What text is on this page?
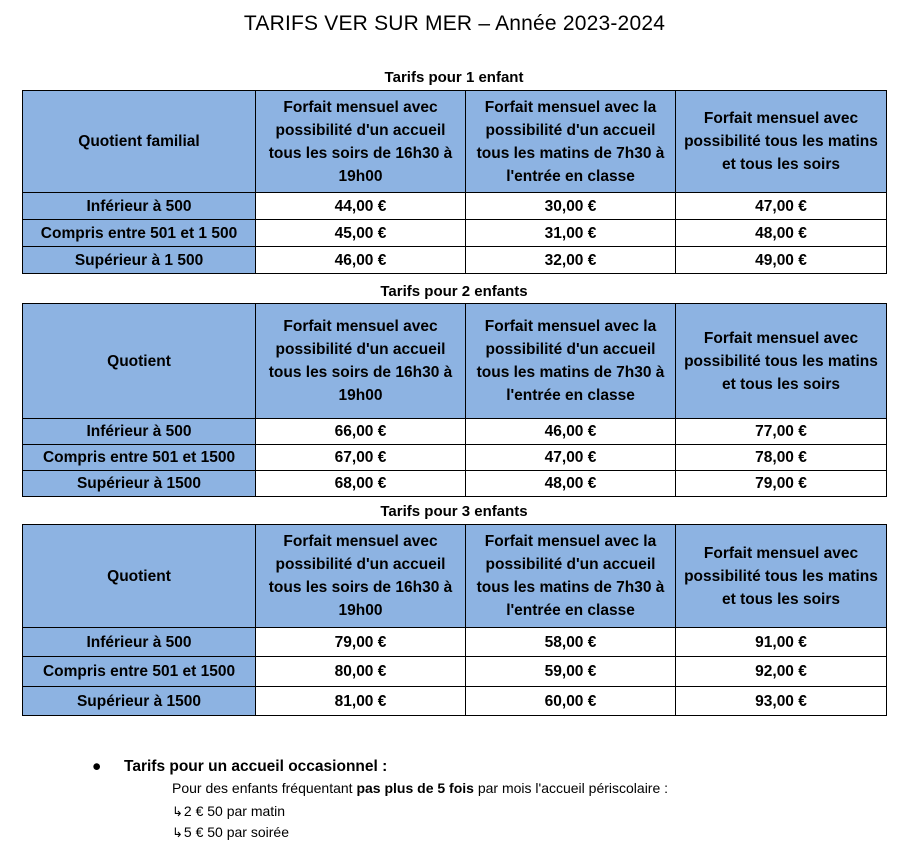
TARIFS VER SUR MER – Année 2023-2024
Tarifs pour 1 enfant
Quotient familial	Forfait mensuel avec possibilité d'un accueil tous les soirs de 16h30 à 19h00	Forfait mensuel avec la possibilité d'un accueil tous les matins de 7h30 à l'entrée en classe	Forfait mensuel avec possibilité tous les matins et tous les soirs
Inférieur à 500	44,00 €	30,00 €	47,00 €
Compris entre 501 et 1 500	45,00 €	31,00 €	48,00 €
Supérieur à 1 500	46,00 €	32,00 €	49,00 €
Tarifs pour 2 enfants
Quotient	Forfait mensuel avec possibilité d'un accueil tous les soirs de 16h30 à 19h00	Forfait mensuel avec la possibilité d'un accueil tous les matins de 7h30 à l'entrée en classe	Forfait mensuel avec possibilité tous les matins et tous les soirs
Inférieur à 500	66,00 €	46,00 €	77,00 €
Compris entre 501 et 1500	67,00 €	47,00 €	78,00 €
Supérieur à 1500	68,00 €	48,00 €	79,00 €
Tarifs pour 3 enfants
Quotient	Forfait mensuel avec possibilité d'un accueil tous les soirs de 16h30 à 19h00	Forfait mensuel avec la possibilité d'un accueil tous les matins de 7h30 à l'entrée en classe	Forfait mensuel avec possibilité tous les matins et tous les soirs
Inférieur à 500	79,00 €	58,00 €	91,00 €
Compris entre 501 et 1500	80,00 €	59,00 €	92,00 €
Supérieur à 1500	81,00 €	60,00 €	93,00 €
● Tarifs pour un accueil occasionnel :
Pour des enfants fréquentant pas plus de 5 fois par mois l'accueil périscolaire :
↳2 € 50 par matin
↳5 € 50 par soirée
